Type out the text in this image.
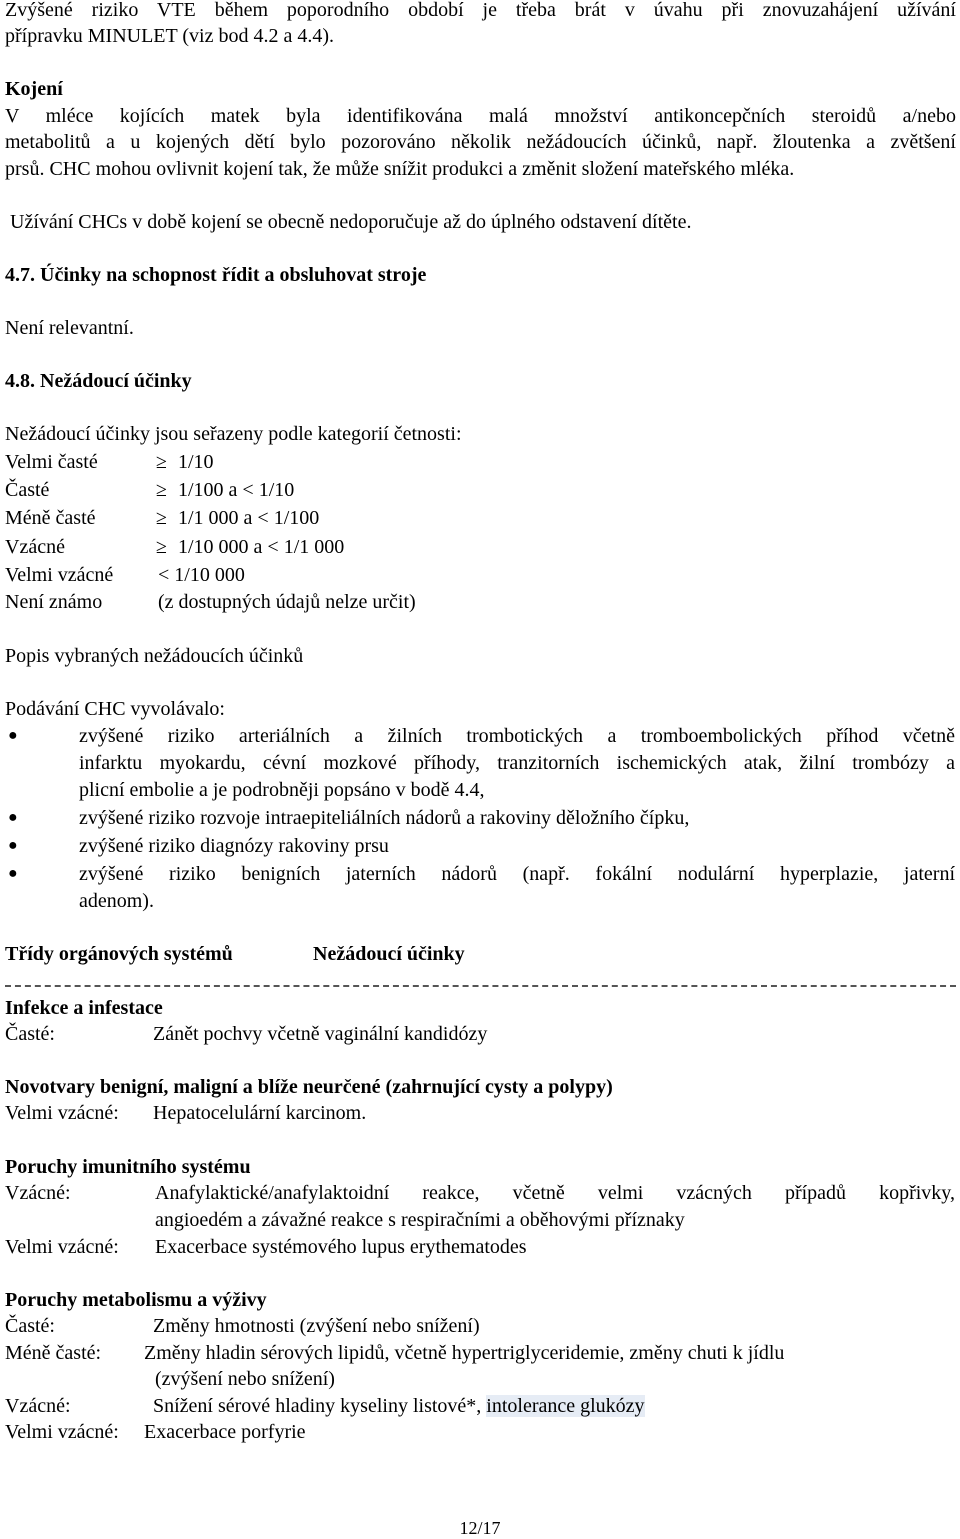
Zvýšené riziko VTE během poporodního období je třeba brát v úvahu při znovuzahájení užívání
přípravku MINULET (viz bod 4.2 a 4.4).
Kojení
V mléce kojících matek byla identifikována malá množství antikoncepčních steroidů a/nebo
metabolitů a u kojených dětí bylo pozorováno několik nežádoucích účinků, např. žloutenka a zvětšení
prsů. CHC mohou ovlivnit kojení tak, že může snížit produkci a změnit složení mateřského mléka.
Užívání CHCs v době kojení se obecně nedoporučuje až do úplného odstavení dítěte.
4.7. Účinky na schopnost řídit a obsluhovat stroje
Není relevantní.
4.8. Nežádoucí účinky
Nežádoucí účinky jsou seřazeny podle kategorií četnosti:
Velmi časté	≥ 1/10
Časté	≥ 1/100 a < 1/10
Méně časté	≥ 1/1 000 a < 1/100
Vzácné	≥ 1/10 000 a < 1/1 000
Velmi vzácné < 1/10 000
Není známo	(z dostupných údajů nelze určit)
Popis vybraných nežádoucích účinků
Podávání CHC vyvolávalo:
●	zvýšené riziko arteriálních a žilních trombotických a tromboembolických příhod včetně
infarktu myokardu, cévní mozkové příhody, tranzitorních ischemických atak, žilní trombózy a
plicní embolie a je podrobněji popsáno v bodě 4.4,
●	zvýšené riziko rozvoje intraepiteliálních nádorů a rakoviny děložního čípku,
●	zvýšené riziko diagnózy rakoviny prsu
●	zvýšené riziko benigních jaterních nádorů (např. fokální nodulární hyperplazie, jaterní
adenom).
Třídy orgánových systémů	Nežádoucí účinky
Infekce a infestace
Časté:	Zánět pochvy včetně vaginální kandidózy
Novotvary benigní, maligní a blíže neurčené (zahrnující cysty a polypy)
Velmi vzácné: Hepatocelulární karcinom.
Poruchy imunitního systému
Vzácné:	Anafylaktické/anafylaktoidní reakce, včetně velmi vzácných případů kopřivky,
angioedém a závažné reakce s respiračními a oběhovými příznaky
Velmi vzácné: Exacerbace systémového lupus erythematodes
Poruchy metabolismu a výživy
Časté:	Změny hmotnosti (zvýšení nebo snížení)
Méně časté: Změny hladin sérových lipidů, včetně hypertriglyceridemie, změny chuti k jídlu
(zvýšení nebo snížení)
Vzácné:	Snížení sérové hladiny kyseliny listové*, intolerance glukózy
Velmi vzácné: Exacerbace porfyrie
12/17
